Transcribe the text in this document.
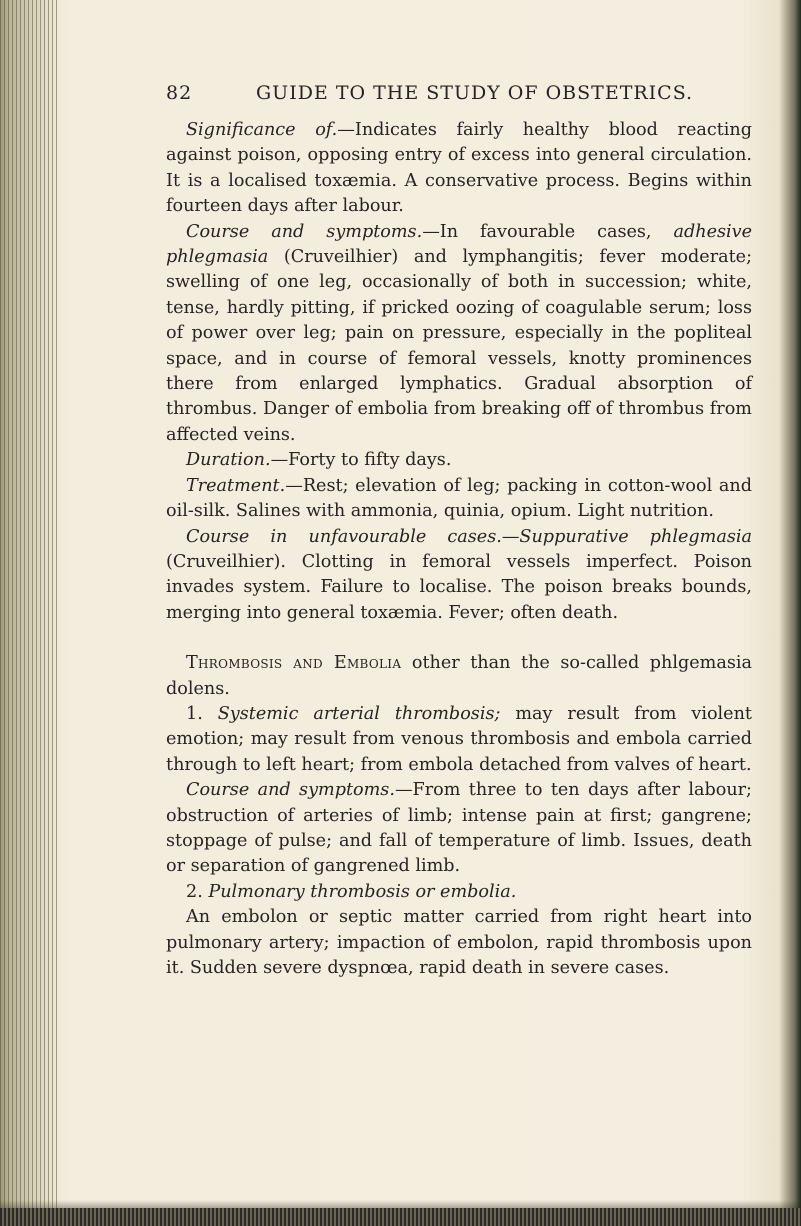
82	GUIDE TO THE STUDY OF OBSTETRICS.

Significance of.—Indicates fairly healthy blood reacting against poison, opposing entry of excess into general circulation. It is a localised toxæmia. A conservative process. Begins within fourteen days after labour.

Course and symptoms.—In favourable cases, adhesive phlegmasia (Cruveilhier) and lymphangitis; fever moderate; swelling of one leg, occasionally of both in succession; white, tense, hardly pitting, if pricked oozing of coagulable serum; loss of power over leg; pain on pressure, especially in the popliteal space, and in course of femoral vessels, knotty prominences there from enlarged lymphatics. Gradual absorption of thrombus. Danger of embolia from breaking off of thrombus from affected veins.

Duration.—Forty to fifty days.

Treatment.—Rest; elevation of leg; packing in cotton-wool and oil-silk. Salines with ammonia, quinia, opium. Light nutrition.

Course in unfavourable cases.—Suppurative phlegmasia (Cruveilhier). Clotting in femoral vessels imperfect. Poison invades system. Failure to localise. The poison breaks bounds, merging into general toxæmia. Fever; often death.

Thrombosis and Embolia other than the so-called phlgemasia dolens.

1. Systemic arterial thrombosis; may result from violent emotion; may result from venous thrombosis and embola carried through to left heart; from embola detached from valves of heart.

Course and symptoms.—From three to ten days after labour; obstruction of arteries of limb; intense pain at first; gangrene; stoppage of pulse; and fall of temperature of limb. Issues, death or separation of gangrened limb.

2. Pulmonary thrombosis or embolia.

An embolon or septic matter carried from right heart into pulmonary artery; impaction of embolon, rapid thrombosis upon it. Sudden severe dyspnœa, rapid death in severe cases.
